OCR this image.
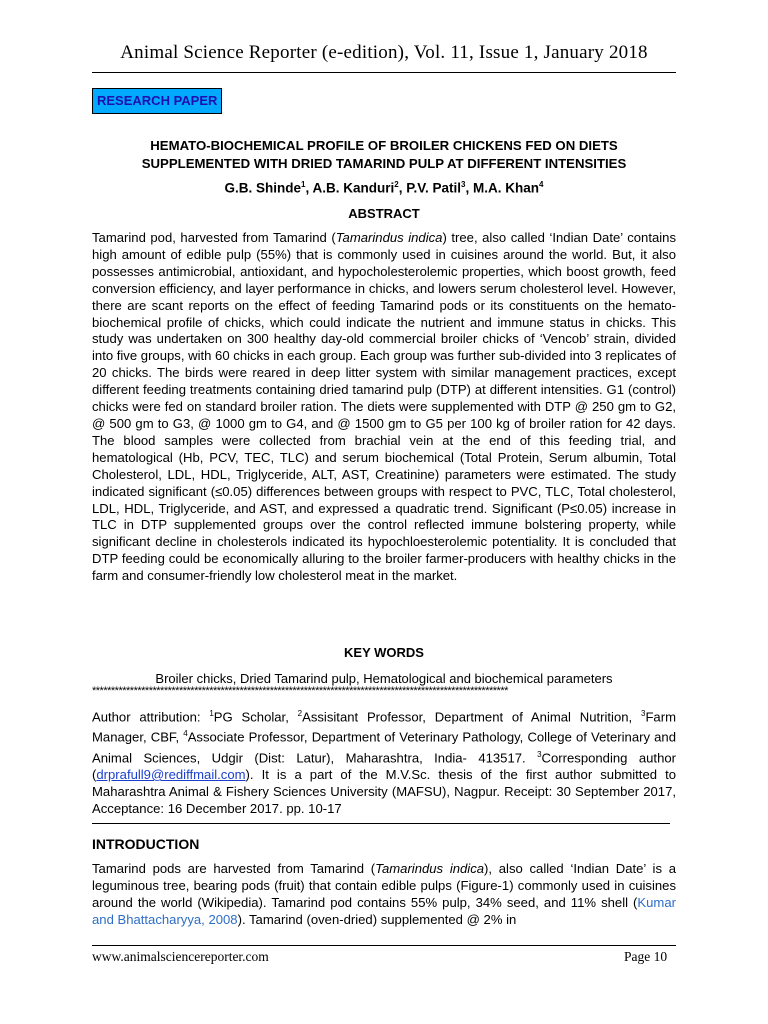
Animal Science Reporter (e-edition), Vol. 11, Issue 1, January 2018
RESEARCH PAPER
HEMATO-BIOCHEMICAL PROFILE OF BROILER CHICKENS FED ON DIETS
SUPPLEMENTED WITH DRIED TAMARIND PULP AT DIFFERENT INTENSITIES
G.B. Shinde$^1$, A.B. Kanduri$^2$, P.V. Patil$^3$, M.A. Khan$^4$
ABSTRACT

Tamarind pod, harvested from Tamarind (Tamarindus indica) tree, also called ‘Indian Date’ contains high amount of edible pulp (55%) that is commonly used in cuisines around the world. But, it also possesses antimicrobial, antioxidant, and hypocholesterolemic properties, which boost growth, feed conversion efficiency, and layer performance in chicks, and lowers serum cholesterol level. However, there are scant reports on the effect of feeding Tamarind pods or its constituents on the hemato-biochemical profile of chicks, which could indicate the nutrient and immune status in chicks. This study was undertaken on 300 healthy day-old commercial broiler chicks of ‘Vencob’ strain, divided into five groups, with 60 chicks in each group. Each group was further sub-divided into 3 replicates of 20 chicks. The birds were reared in deep litter system with similar management practices, except different feeding treatments containing dried tamarind pulp (DTP) at different intensities. G1 (control) chicks were fed on standard broiler ration. The diets were supplemented with DTP @ 250 gm to G2, @ 500 gm to G3, @ 1000 gm to G4, and @ 1500 gm to G5 per 100 kg of broiler ration for 42 days. The blood samples were collected from brachial vein at the end of this feeding trial, and hematological (Hb, PCV, TEC, TLC) and serum biochemical (Total Protein, Serum albumin, Total Cholesterol, LDL, HDL, Triglyceride, ALT, AST, Creatinine) parameters were estimated. The study indicated significant (≤0.05) differences between groups with respect to PVC, TLC, Total cholesterol, LDL, HDL, Triglyceride, and AST, and expressed a quadratic trend. Significant (P≤0.05) increase in TLC in DTP supplemented groups over the control reflected immune bolstering property, while significant decline in cholesterols indicated its hypochloesterolemic potentiality. It is concluded that DTP feeding could be economically alluring to the broiler farmer-producers with healthy chicks in the farm and consumer-friendly low cholesterol meat in the market.

KEY WORDS
Broiler chicks, Dried Tamarind pulp, Hematological and biochemical parameters
**************************************************************************************************************

Author attribution: $^1$PG Scholar, $^2$Assisitant Professor, Department of Animal Nutrition, $^3$Farm Manager, CBF, $^4$Associate Professor, Department of Veterinary Pathology, College of Veterinary and Animal Sciences, Udgir (Dist: Latur), Maharashtra, India- 413517. $^3$Corresponding author (drprafull9@rediffmail.com). It is a part of the M.V.Sc. thesis of the first author submitted to Maharashtra Animal & Fishery Sciences University (MAFSU), Nagpur. Receipt: 30 September 2017, Acceptance: 16 December 2017. pp. 10-17

INTRODUCTION

Tamarind pods are harvested from Tamarind (Tamarindus indica), also called ‘Indian Date’ is a leguminous tree, bearing pods (fruit) that contain edible pulps (Figure-1) commonly used in cuisines around the world (Wikipedia). Tamarind pod contains 55% pulp, 34% seed, and 11% shell (Kumar and Bhattacharyya, 2008). Tamarind (oven-dried) supplemented @ 2% in

www.animalsciencereporter.com	Page 10
